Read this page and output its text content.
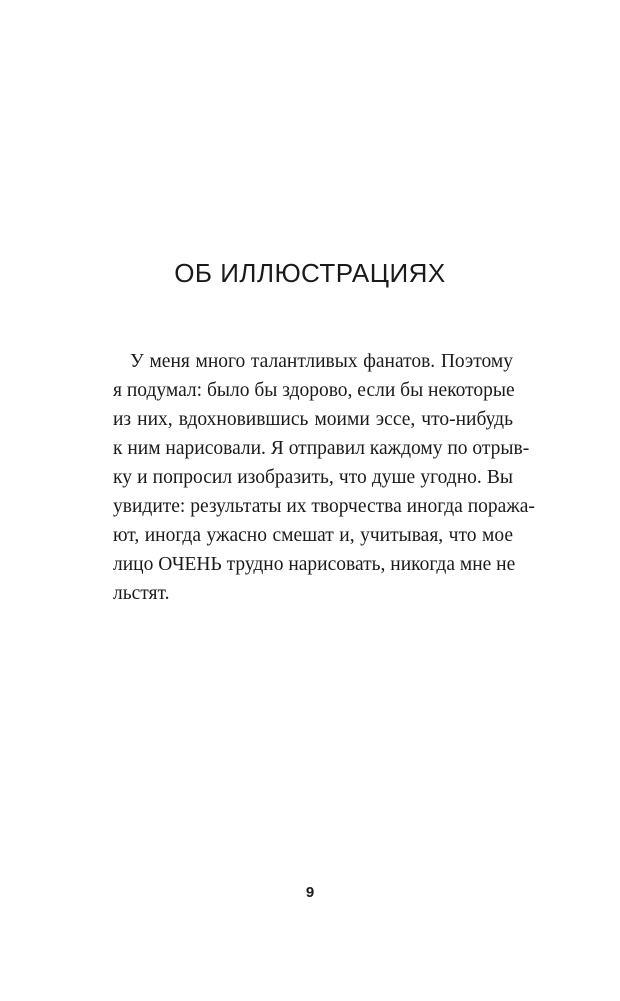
ОБ ИЛЛЮСТРАЦИЯХ
У меня много талантливых фанатов. Поэтому
я подумал: было бы здорово, если бы некоторые
из них, вдохновившись моими эссе, что-нибудь
к ним нарисовали. Я отправил каждому по отрыв-
ку и попросил изобразить, что душе угодно. Вы
увидите: результаты их творчества иногда поража-
ют, иногда ужасно смешат и, учитывая, что мое
лицо ОЧЕНЬ трудно нарисовать, никогда мне не
льстят.
9
